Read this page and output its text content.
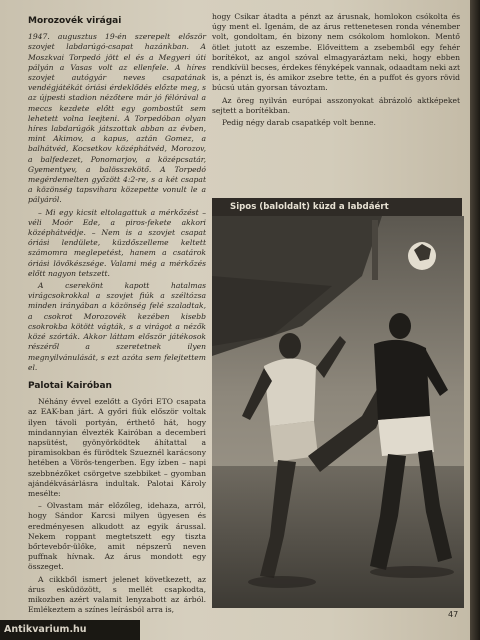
Morozovék virágai

1947. augusztus 19-én szerepelt először szovjet labdarúgó-csapat hazánkban. A Moszkvai Torpedó jött el és a Megyeri úti pályán a Vasas volt az ellenfele. A híres szovjet autógyár neves csapatának vendégjátékát óriási érdeklődés előzte meg, s az újpesti stadion nézőtere már jó félórával a meccs kezdete előtt egy gombostűt sem lehetett volna leejteni. A Torpedóban olyan híres labdarúgók játszottak abban az évben, mint Akimov, a kapus, aztán Gomez, a balhátvéd, Kocsetkov középhátvéd, Morozov, a balfedezet, Ponomarjov, a középcsatár, Gyementyev, a balösszekötő. A Torpedó megérdemelten győzött 4:2-re, s a két csapat a közönség tapsvihara közepette vonult le a pályáról.

– Mi egy kicsit eltolagattuk a mérkőzést – véli Moór Ede, a piros-fekete akkori középhátvédje. – Nem is a szovjet csapat óriási lendülete, küzdőszelleme keltett számomra meglepetést, hanem a csatárok óriási lövőkészsége. Valami még a mérkőzés előtt nagyon tetszett.

A cserekönt kapott hatalmas virágcsokrokkal a szovjet fiúk a széltózsa minden irányában a közönség felé szaladtak, a csokrot Morozovék kezében kisebb csokrokba kötött vágták, s a virágot a nézők közé szórták. Akkor láttam először játékosok részéről a szeretetnek ilyen megnyilvánulását, s ezt azóta sem felejtettem el.

Palotai Kairóban

Néhány évvel ezelőtt a Győri ETO csapata az EAK-ban járt. A győri fiúk először voltak ilyen távoli portyán, érthető hát, hogy mindannyian élvezték Kairóban a decemberi napsütést, gyönyörködtek áhítattal a piramisokban és fürödtek Szueznél karácsony hetében a Vörös-tengerben. Egy ízben – napi szebbnézőket csörgetve szebbiket – gyomban ajándékvásárlásra indultak. Palotai Károly mesélte:

– Olvastam már előzőleg, idehaza, arról, hogy Sándor Karcsi milyen ügyesen és eredményesen alkudott az egyik árussal. Nekem roppant megtetszett egy tiszta bőrtevebőr-ülőke, amit népszerű neven puffnak hívnak. Az árus mondott egy összeget.

A cikkből ismert jelenet következett, az árus esküdözött, s mellét csapkodta, mikozben azért valamit lenyzabott az árból. Emlékeztem a színes leírásból arra is,

hogy Csikar átadta a pénzt az árusnak, homlokon csókolta és úgy ment el. Igenám, de az árus rettenetesen ronda vénember volt, gondoltam, én bizony nem csókolom homlokon. Mentő ötlet jutott az eszembe. Előveittem a zsebemből egy fehér borítékot, az angol szóval elmagyaráztam neki, hogy ebben rendkívül becses, érdekes fényképek vannak, odaadtam neki azt is, a pénzt is, és amikor zsebre tette, én a puffot és gyors rövid búcsú után gyorsan távoztam.

Az öreg nyilván európai asszonyokat ábrázoló aktképeket sejtett a borítékban.

Pedig négy darab csapatkép volt benne.

Sipos (baloldalt) küzd a labdáért
47
Antikvarium.hu
